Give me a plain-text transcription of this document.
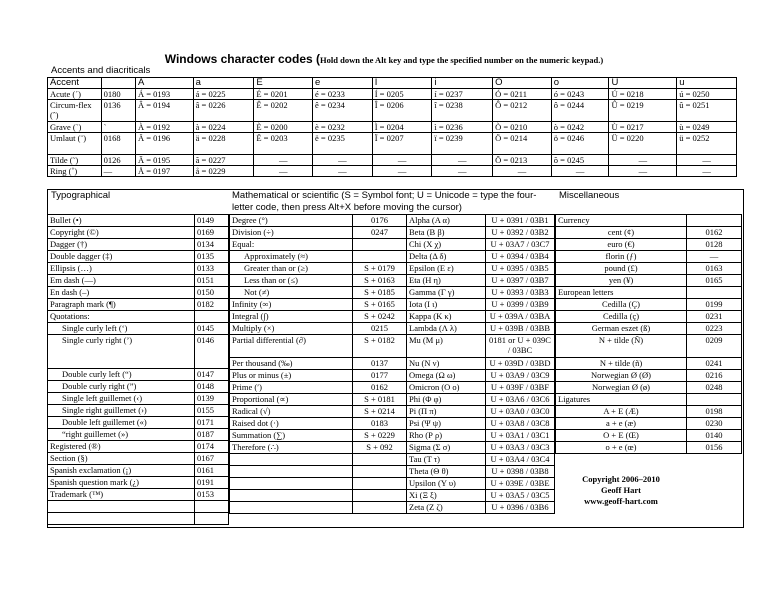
Windows character codes (Hold down the Alt key and type the specified number on the numeric keypad.)
Accents and diacriticals
Accent		A	a	E	e	I	i	O	o	U	u
Acute (´)	0180	Á = 0193	á = 0225	É = 0201	é = 0233	Í = 0205	í = 0237	Ó = 0211	ó = 0243	Ú = 0218	ú = 0250
Circum-flex (ˆ)	0136	Â = 0194	â = 0226	Ê = 0202	ê = 0234	Î = 0206	î = 0238	Ô = 0212	ô = 0244	Û = 0219	û = 0251
Grave (`)	`	À = 0192	à = 0224	È = 0200	è = 0232	Ì = 0204	ì = 0236	Ò = 0210	ò = 0242	Ù = 0217	ù = 0249
Umlaut (¨)	0168	Ä = 0196	ä = 0228	Ë = 0203	ë = 0235	Ï = 0207	ï = 0239	Ö = 0214	ö = 0246	Ü = 0220	ü = 0252
Tilde (˜)	0126	Ã = 0195	ã = 0227	—	—	—	—	Õ = 0213	õ = 0245	—	—
Ring (˚)	—	Å = 0197	å = 0229	—	—	—	—	—	—	—	—
Typographical	Mathematical or scientific (S = Symbol font; U = Unicode = type the four-letter code, then press Alt+X before moving the cursor)
Miscellaneous
Bullet (•)	0149
Copyright (©)	0169
Dagger (†)	0134
Double dagger (‡)	0135
Ellipsis (…)	0133
Em dash (—)	0151
En dash (–)	0150
Paragraph mark (¶)	0182
Quotations:	
Single curly left (‘)	0145
Single curly right (’)	0146
Double curly left (“)	0147
Double curly right (”)	0148
Single left guillemet (‹)	0139
Single right guillemet (›)	0155
Double left guillemet («)	0171
“right guillemet (»)	0187
Registered (®)	0174
Section (§)	0167
Spanish exclamation (¡)	0161
Spanish question mark (¿)	0191
Trademark (™)	0153

Degree (°)	0176	Alpha (Α α)	U + 0391 / 03B1
Division (÷)	0247	Beta (Β β)	U + 0392 / 03B2
Equal:		Chi (Χ χ)	U + 03A7 / 03C7
Approximately (≈)		Delta (Δ δ)	U + 0394 / 03B4
Greater than or (≥)	S + 0179	Epsilon (Ε ε)	U + 0395 / 03B5
Less than or (≤)	S + 0163	Eta (Η η)	U + 0397 / 03B7
Not (≠)	S + 0185	Gamma (Γ γ)	U + 0393 / 03B3
Infinity (∞)	S + 0165	Iota (Ι ι)	U + 0399 / 03B9
Integral (∫)	S + 0242	Kappa (Κ κ)	U + 039A / 03BA
Multiply (×)	0215	Lambda (Λ λ)	U + 039B / 03BB
Partial differential (∂)	S + 0182	Mu (Μ μ)	0181 or U + 039C / 03BC
Per thousand (‰)	0137	Nu (Ν ν)	U + 039D / 03BD
Plus or minus (±)	0177	Omega (Ω ω)	U + 03A9 / 03C9
Prime (′)	0162	Omicron (Ο ο)	U + 039F / 03BF
Proportional (∝)	S + 0181	Phi (Φ φ)	U + 03A6 / 03C6
Radical (√)	S + 0214	Pi (Π π)	U + 03A0 / 03C0
Raised dot (·)	0183	Psi (Ψ ψ)	U + 03A8 / 03C8
Summation (∑)	S + 0229	Rho (Ρ ρ)	U + 03A1 / 03C1
Therefore (∴)	S + 092	Sigma (Σ σ)	U + 03A3 / 03C3
		Tau (Τ τ)	U + 03A4 / 03C4
		Theta (Θ θ)	U + 0398 / 03B8
		Upsilon (Υ υ)	U + 039E / 03BE
		Xi (Ξ ξ)	U + 03A5 / 03C5
		Zeta (Ζ ζ)	U + 0396 / 03B6
Currency	
cent (¢)	0162
euro (€)	0128
florin (ƒ)	—
pound (£)	0163
yen (¥)	0165
European letters	
Cedilla (Ç)	0199
Cedilla (ç)	0231
German eszet (ß)	0223
N + tilde (Ñ)	0209
N + tilde (ñ)	0241
Norwegian Ø (Ø)	0216
Norwegian Ø (ø)	0248
Ligatures	
A + E (Æ)	0198
a + e (æ)	0230
O + E (Œ)	0140
o + e (œ)	0156
Copyright 2006–2010
Geoff Hart
www.geoff-hart.com
